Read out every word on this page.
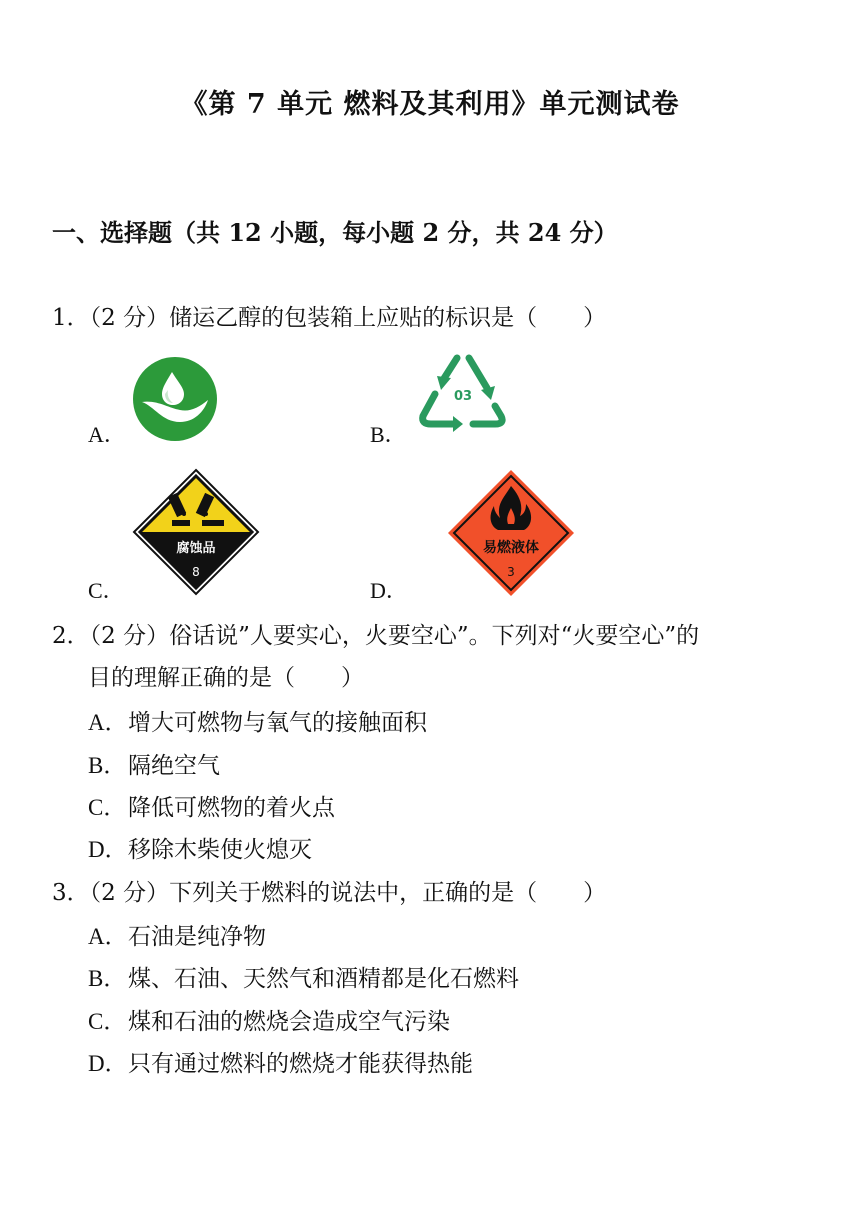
《第 7 单元 燃料及其利用》单元测试卷
一、选择题（共 12 小题，每小题 2 分，共 24 分）
1．（2 分）储运乙醇的包装箱上应贴的标识是（　　）
A．	B．
03
C．
腐蚀品
8
D．
易燃液体
3
2．（2 分）俗话说”人要实心，火要空心”。下列对“火要空心”的
目的理解正确的是（　　）
A．增大可燃物与氧气的接触面积
B．隔绝空气
C．降低可燃物的着火点
D．移除木柴使火熄灭
3．（2 分）下列关于燃料的说法中，正确的是（　　）
A．石油是纯净物
B．煤、石油、天然气和酒精都是化石燃料
C．煤和石油的燃烧会造成空气污染
D．只有通过燃料的燃烧才能获得热能
